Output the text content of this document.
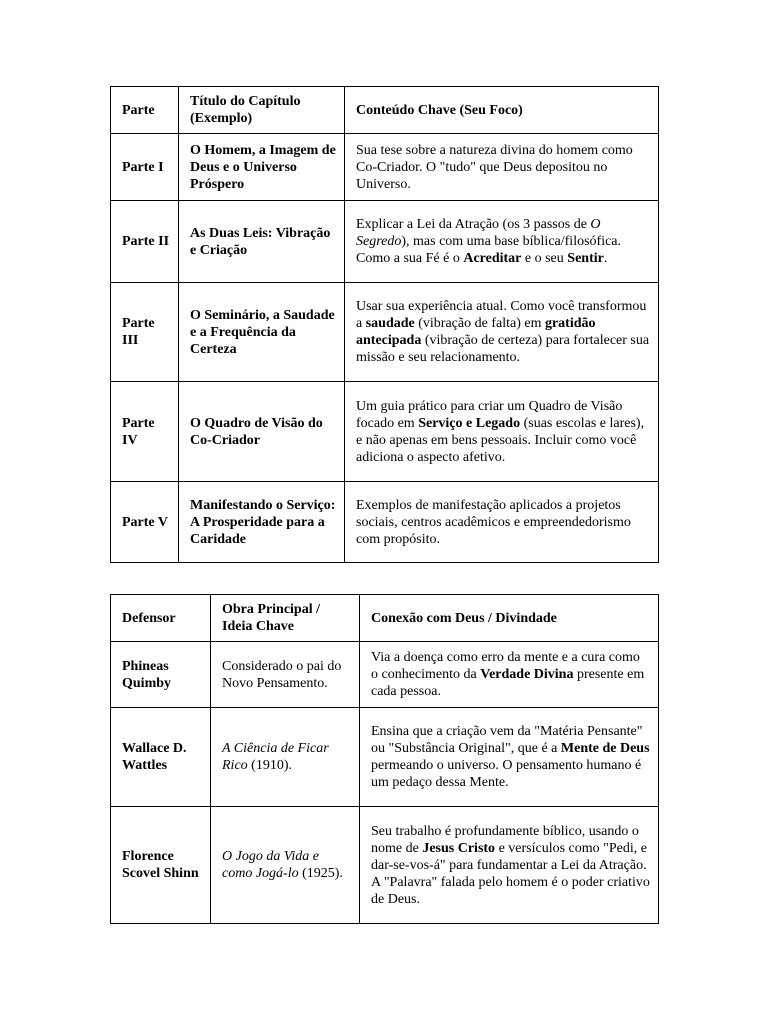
Parte	Título do Capítulo (Exemplo)	Conteúdo Chave (Seu Foco)
Parte I	O Homem, a Imagem de Deus e o Universo Próspero	Sua tese sobre a natureza divina do homem como Co-Criador. O "tudo" que Deus depositou no Universo.
Parte II	As Duas Leis: Vibração e Criação	Explicar a Lei da Atração (os 3 passos de O Segredo), mas com uma base bíblica/filosófica. Como a sua Fé é o Acreditar e o seu Sentir.
Parte III	O Seminário, a Saudade e a Frequência da Certeza	Usar sua experiência atual. Como você transformou a saudade (vibração de falta) em gratidão antecipada (vibração de certeza) para fortalecer sua missão e seu relacionamento.
Parte IV	O Quadro de Visão do Co-Criador	Um guia prático para criar um Quadro de Visão focado em Serviço e Legado (suas escolas e lares), e não apenas em bens pessoais. Incluir como você adiciona o aspecto afetivo.
Parte V	Manifestando o Serviço: A Prosperidade para a Caridade	Exemplos de manifestação aplicados a projetos sociais, centros acadêmicos e empreendedorismo com propósito.
Defensor	Obra Principal / Ideia Chave	Conexão com Deus / Divindade
Phineas Quimby	Considerado o pai do Novo Pensamento.	Via a doença como erro da mente e a cura como o conhecimento da Verdade Divina presente em cada pessoa.
Wallace D. Wattles	A Ciência de Ficar Rico (1910).	Ensina que a criação vem da "Matéria Pensante" ou "Substância Original", que é a Mente de Deus permeando o universo. O pensamento humano é um pedaço dessa Mente.
Florence Scovel Shinn	O Jogo da Vida e como Jogá-lo (1925).	Seu trabalho é profundamente bíblico, usando o nome de Jesus Cristo e versículos como "Pedi, e dar-se-vos-á" para fundamentar a Lei da Atração. A "Palavra" falada pelo homem é o poder criativo de Deus.
